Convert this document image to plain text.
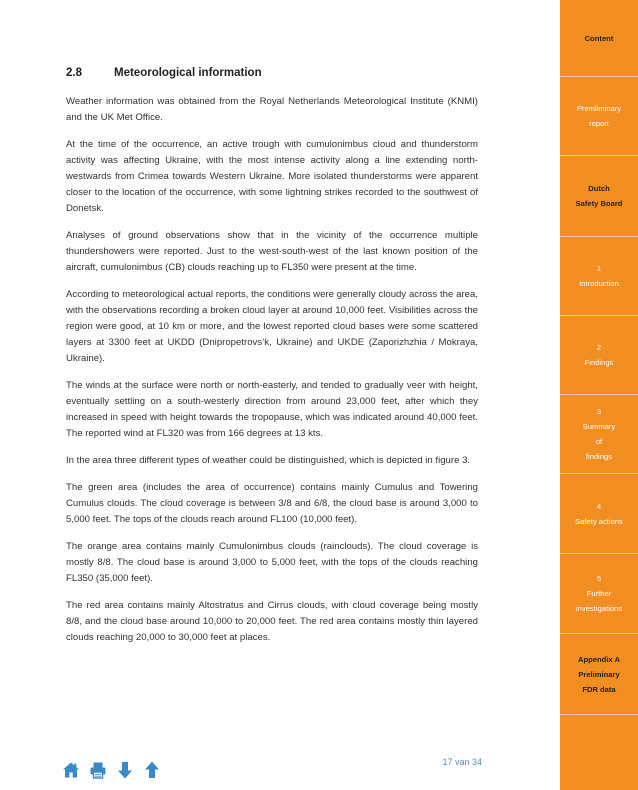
2.8	Meteorological information

Weather information was obtained from the Royal Netherlands Meteorological Institute (KNMI) and the UK Met Office.

At the time of the occurrence, an active trough with cumulonimbus cloud and thunderstorm activity was affecting Ukraine, with the most intense activity along a line extending north-westwards from Crimea towards Western Ukraine. More isolated thunderstorms were apparent closer to the location of the occurrence, with some lightning strikes recorded to the southwest of Donetsk.

Analyses of ground observations show that in the vicinity of the occurrence multiple thundershowers were reported. Just to the west-south-west of the last known position of the aircraft, cumulonimbus (CB) clouds reaching up to FL350 were present at the time.

According to meteorological actual reports, the conditions were generally cloudy across the area, with the observations recording a broken cloud layer at around 10,000 feet. Visibilities across the region were good, at 10 km or more, and the lowest reported cloud bases were some scattered layers at 3300 feet at UKDD (Dnipropetrovs’k, Ukraine) and UKDE (Zaporizhzhia / Mokraya, Ukraine).

The winds at the surface were north or north-easterly, and tended to gradually veer with height, eventually settling on a south-westerly direction from around 23,000 feet, after which they increased in speed with height towards the tropopause, which was indicated around 40,000 feet. The reported wind at FL320 was from 166 degrees at 13 kts.

In the area three different types of weather could be distinguished, which is depicted in figure 3.

The green area (includes the area of occurrence) contains mainly Cumulus and Towering Cumulus clouds. The cloud coverage is between 3/8 and 6/8, the cloud base is around 3,000 to 5,000 feet. The tops of the clouds reach around FL100 (10,000 feet).

The orange area contains mainly Cumulonimbus clouds (rainclouds). The cloud coverage is mostly 8/8. The cloud base is around 3,000 to 5,000 feet, with the tops of the clouds reaching FL350 (35,000 feet).

The red area contains mainly Altostratus and Cirrus clouds, with cloud coverage being mostly 8/8, and the cloud base around 10,000 to 20,000 feet. The red area contains mostly thin layered clouds reaching 20,000 to 30,000 feet at places.

17 van 34
Content
Premliminary
report
Dutch
Safety Board
1
Introduction
2
Findings
3
Summary
of
findings
4
Safety actions
5
Further
investigations
Appendix A
Preliminary
FDR data
